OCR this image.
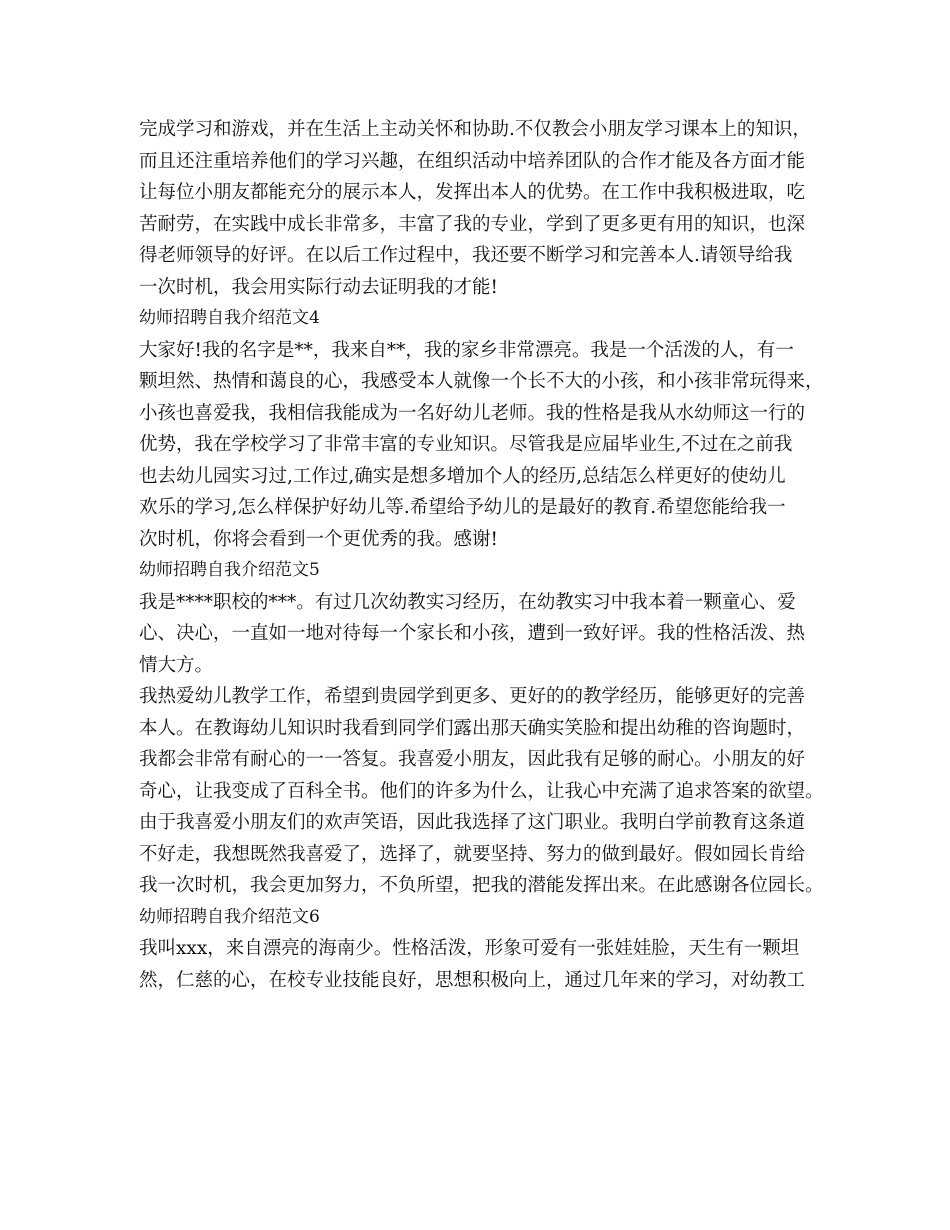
完成学习和游戏，并在生活上主动关怀和协助.不仅教会小朋友学习课本上的知识，
而且还注重培养他们的学习兴趣，在组织活动中培养团队的合作才能及各方面才能
让每位小朋友都能充分的展示本人，发挥出本人的优势。在工作中我积极进取，吃
苦耐劳，在实践中成长非常多，丰富了我的专业，学到了更多更有用的知识，也深
得老师领导的好评。在以后工作过程中，我还要不断学习和完善本人.请领导给我
一次时机，我会用实际行动去证明我的才能!
幼师招聘自我介绍范文4
大家好!我的名字是**，我来自**，我的家乡非常漂亮。我是一个活泼的人，有一
颗坦然、热情和蔼良的心，我感受本人就像一个长不大的小孩，和小孩非常玩得来，
小孩也喜爱我，我相信我能成为一名好幼儿老师。我的性格是我从水幼师这一行的
优势，我在学校学习了非常丰富的专业知识。尽管我是应届毕业生,不过在之前我
也去幼儿园实习过,工作过,确实是想多增加个人的经历,总结怎么样更好的使幼儿
欢乐的学习,怎么样保护好幼儿等.希望给予幼儿的是最好的教育.希望您能给我一
次时机，你将会看到一个更优秀的我。感谢!
幼师招聘自我介绍范文5
我是****职校的***。有过几次幼教实习经历，在幼教实习中我本着一颗童心、爱
心、决心，一直如一地对待每一个家长和小孩，遭到一致好评。我的性格活泼、热
情大方。
我热爱幼儿教学工作，希望到贵园学到更多、更好的的教学经历，能够更好的完善
本人。在教诲幼儿知识时我看到同学们露出那天确实笑脸和提出幼稚的咨询题时，
我都会非常有耐心的一一答复。我喜爱小朋友，因此我有足够的耐心。小朋友的好
奇心，让我变成了百科全书。他们的许多为什么，让我心中充满了追求答案的欲望。
由于我喜爱小朋友们的欢声笑语，因此我选择了这门职业。我明白学前教育这条道
不好走，我想既然我喜爱了，选择了，就要坚持、努力的做到最好。假如园长肯给
我一次时机，我会更加努力，不负所望，把我的潜能发挥出来。在此感谢各位园长。
幼师招聘自我介绍范文6
我叫xxx，来自漂亮的海南少。性格活泼，形象可爱有一张娃娃脸，天生有一颗坦
然，仁慈的心，在校专业技能良好，思想积极向上，通过几年来的学习，对幼教工
